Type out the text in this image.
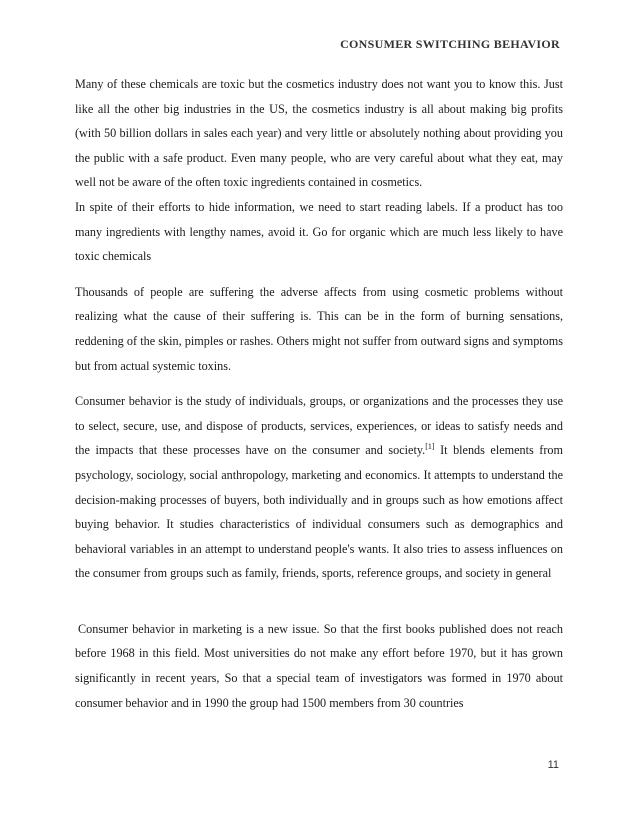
CONSUMER SWITCHING BEHAVIOR

Many of these chemicals are toxic but the cosmetics industry does not want you to know this. Just like all the other big industries in the US, the cosmetics industry is all about making big profits (with 50 billion dollars in sales each year) and very little or absolutely nothing about providing you the public with a safe product. Even many people, who are very careful about what they eat, may well not be aware of the often toxic ingredients contained in cosmetics.

In spite of their efforts to hide information, we need to start reading labels. If a product has too many ingredients with lengthy names, avoid it. Go for organic which are much less likely to have toxic chemicals

Thousands of people are suffering the adverse affects from using cosmetic problems without realizing what the cause of their suffering is. This can be in the form of burning sensations, reddening of the skin, pimples or rashes. Others might not suffer from outward signs and symptoms but from actual systemic toxins.

Consumer behavior is the study of individuals, groups, or organizations and the processes they use to select, secure, use, and dispose of products, services, experiences, or ideas to satisfy needs and the impacts that these processes have on the consumer and society.[1] It blends elements from psychology, sociology, social anthropology, marketing and economics. It attempts to understand the decision-making processes of buyers, both individually and in groups such as how emotions affect buying behavior. It studies characteristics of individual consumers such as demographics and behavioral variables in an attempt to understand people's wants. It also tries to assess influences on the consumer from groups such as family, friends, sports, reference groups, and society in general

Consumer behavior in marketing is a new issue. So that the first books published does not reach before 1968 in this field. Most universities do not make any effort before 1970, but it has grown significantly in recent years, So that a special team of investigators was formed in 1970 about consumer behavior and in 1990 the group had 1500 members from 30 countries

11
